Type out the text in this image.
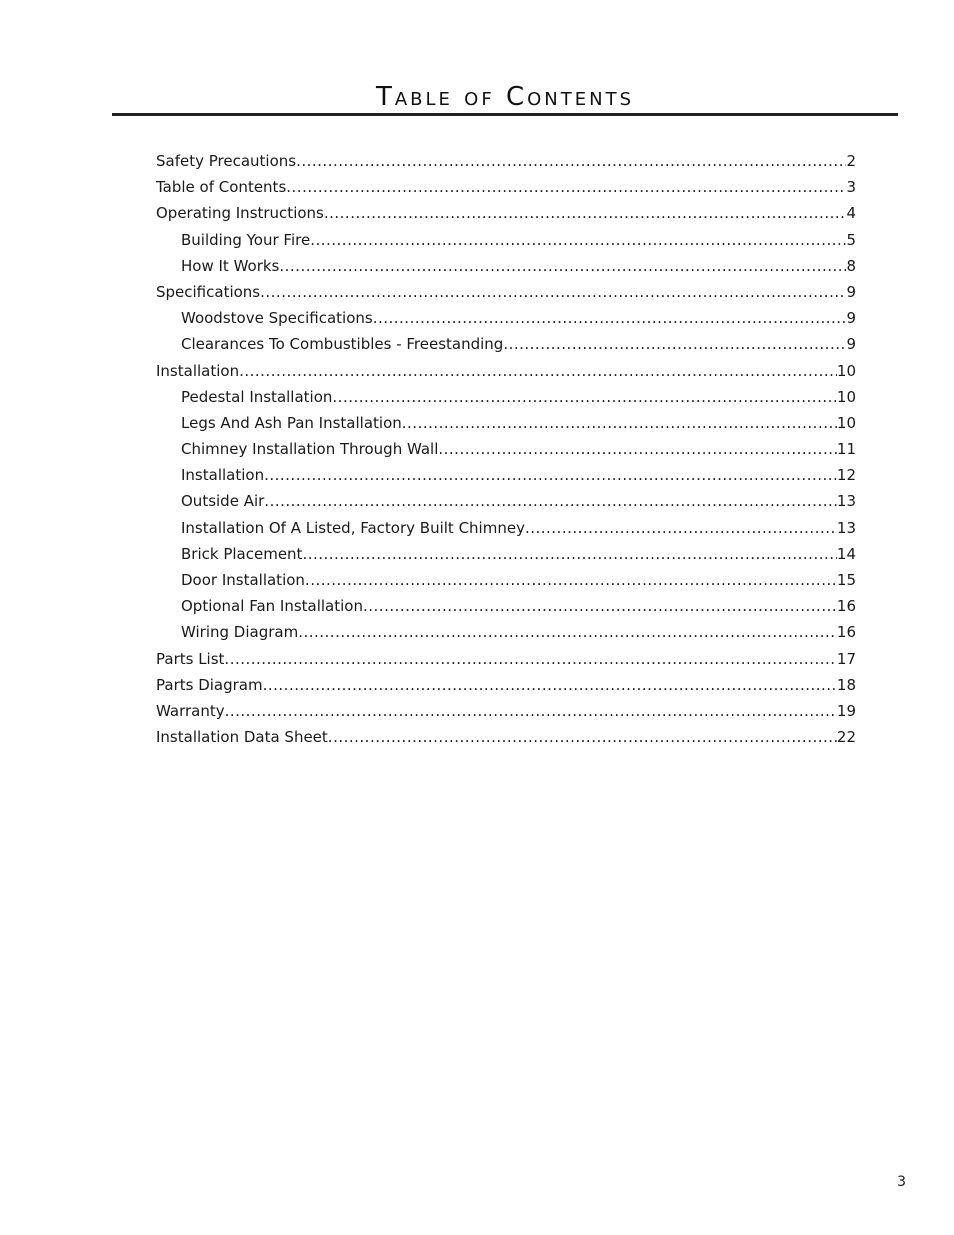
Table of Contents
Safety Precautions .....	2
Table of Contents .....	3
Operating Instructions .....	4
Building Your Fire .....	5
How It Works .....	8
Specifications .....	9
Woodstove Specifications .....	9
Clearances To Combustibles - Freestanding .....	9
Installation .....	10
Pedestal Installation .....	10
Legs And Ash Pan Installation .....	10
Chimney Installation Through Wall .....	11
Installation .....	12
Outside Air .....	13
Installation Of A Listed, Factory Built Chimney .....	13
Brick Placement .....	14
Door Installation .....	15
Optional Fan Installation .....	16
Wiring Diagram .....	16
Parts List .....	17
Parts Diagram .....	18
Warranty .....	19
Installation Data Sheet .....	22
3
